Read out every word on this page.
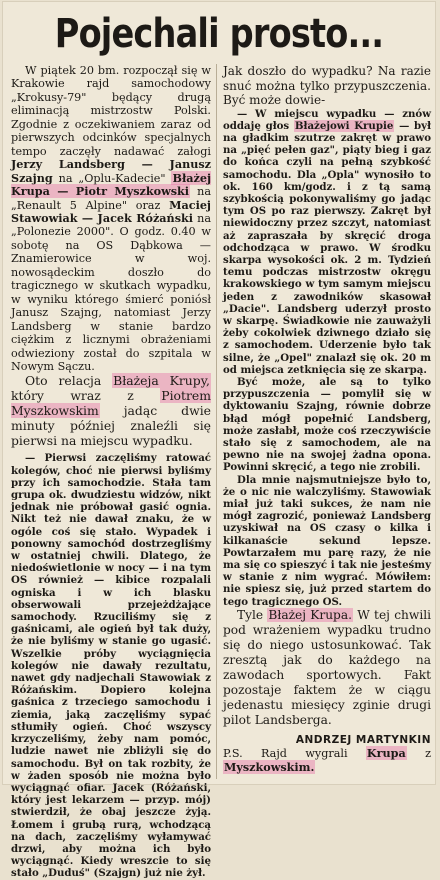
Pojechali prosto...

W piątek 20 bm. rozpoczął się w Krakowie rajd samochodowy „Krokusy-79" będący drugą eliminacją mistrzostw Polski. Zgodnie z oczekiwaniem zaraz od pierwszych odcinków specjalnych tempo zaczęły nadawać załogi Jerzy Landsberg — Janusz Szajng na „Oplu-Kadecie" Błażej Krupa — Piotr Myszkowski na „Renault 5 Alpine" oraz Maciej Stawowiak — Jacek Różański na „Polonezie 2000". O godz. 0.40 w sobotę na OS Dąbkowa — Znamierowice w woj. nowosądeckim doszło do tragicznego w skutkach wypadku, w wyniku którego śmierć poniósł Janusz Szajng, natomiast Jerzy Landsberg w stanie bardzo ciężkim z licznymi obrażeniami odwieziony został do szpitala w Nowym Sączu.

Oto relacja Błażeja Krupy, który wraz z Piotrem Myszkowskim jadąc dwie minuty później znaleźli się pierwsi na miejscu wypadku.

— Pierwsi zaczęliśmy ratować kolegów, choć nie pierwsi byliśmy przy ich samochodzie. Stała tam grupa ok. dwudziestu widzów, nikt jednak nie próbował gasić ognia. Nikt też nie dawał znaku, że w ogóle coś się stało. Wypadek i ponowny samochód dostrzegliśmy w ostatniej chwili. Dlatego, że niedoświetlonie w nocy — i na tym OS również — kibice rozpalali ogniska i w ich blasku obserwowali przejeżdżające samochody. Rzuciliśmy się z gaśnicami, ale ogień był tak duży, że nie byliśmy w stanie go ugasić. Wszelkie próby wyciągnięcia kolegów nie dawały rezultatu, nawet gdy nadjechali Stawowiak z Różańskim. Dopiero kolejna gaśnica z trzeciego samochodu i ziemia, jaką zaczęliśmy sypać stłumiły ogień. Choć wszyscy krzyczeliśmy, żeby nam pomóc, ludzie nawet nie zbliżyli się do samochodu. Był on tak rozbity, że w żaden sposób nie można było wyciągnąć ofiar. Jacek (Różański, który jest lekarzem — przyp. mój) stwierdził, że obaj jeszcze żyją. Łomem i grubą rurą, wchodzącą na dach, zaczęliśmy wyłamywać drzwi, aby można ich było wyciągnąć. Kiedy wreszcie to się stało „Duduś" (Szajgn) już nie żył.

Jak doszło do wypadku? Na razie snuć można tylko przypuszczenia. Być może dowie-

— W miejscu wypadku — znów oddaję głos Błażejowi Krupie — był na gładkim szutrze zakręt w prawo na „pięć pełen gaz", piąty bieg i gaz do końca czyli na pełną szybkość samochodu. Dla „Opla" wynosiło to ok. 160 km/godz. i z tą samą szybkością pokonywaliśmy go jadąc tym OS po raz pierwszy. Zakręt był niewidoczny przez szczyt, natomiast aż zapraszała by skręcić droga odchodząca w prawo. W środku skarpa wysokości ok. 2 m. Tydzień temu podczas mistrzostw okręgu krakowskiego w tym samym miejscu jeden z zawodników skasował „Dacie". Landsberg uderzył prosto w skarpę. Świadkowie nie zauważyli żeby cokolwiek dziwnego działo się z samochodem. Uderzenie było tak silne, że „Opel" znalazł się ok. 20 m od miejsca zetknięcia się ze skarpą.

Być może, ale są to tylko przypuszczenia — pomylił się w dyktowaniu Szajng, równie dobrze błąd mógł popełnić Landsberg, może zasłabł, może coś rzeczywiście stało się z samochodem, ale na pewno nie na swojej żadna opona. Powinni skręcić, a tego nie zrobili.

Dla mnie najsmutniejsze było to, że o nic nie walczyliśmy. Stawowiak miał już taki sukces, że nam nie mógł zagrozić, ponieważ Landsberg uzyskiwał na OS czasy o kilka i kilkanaście sekund lepsze. Powtarzałem mu parę razy, że nie ma się co spieszyć i tak nie jesteśmy w stanie z nim wygrać. Mówiłem: nie spiesz się, już przed startem do tego tragicznego OS.

Tyle Błażej Krupa. W tej chwili pod wrażeniem wypadku trudno się do niego ustosunkować. Tak zresztą jak do każdego na zawodach sportowych. Fakt pozostaje faktem że w ciągu jedenastu miesięcy zginie drugi pilot Landsberga.

ANDRZEJ MARTYNKIN

P.S. Rajd wygrali Krupa z Myszkowskim.
